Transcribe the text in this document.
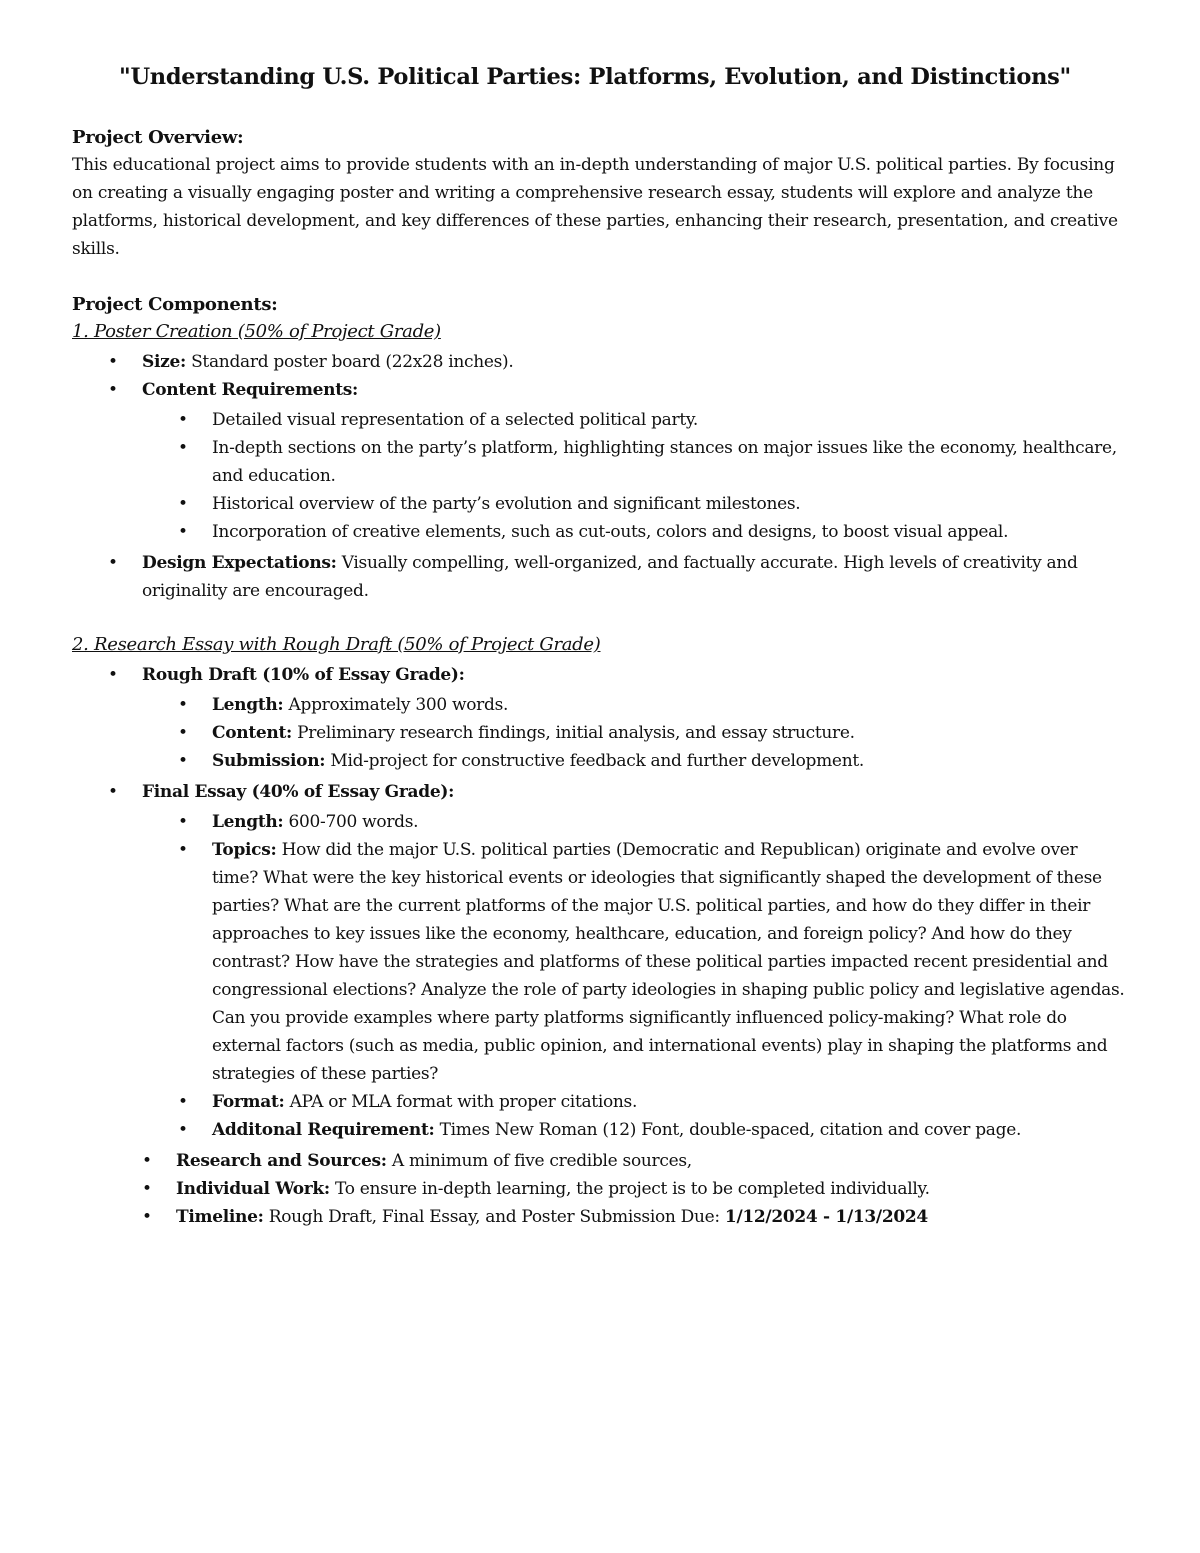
"Understanding U.S. Political Parties: Platforms, Evolution, and Distinctions"
Project Overview:

This educational project aims to provide students with an in-depth understanding of major U.S. political parties. By focusing on creating a visually engaging poster and writing a comprehensive research essay, students will explore and analyze the platforms, historical development, and key differences of these parties, enhancing their research, presentation, and creative skills.

Project Components:
1. Poster Creation (50% of Project Grade)
• Size: Standard poster board (22x28 inches).
• Content Requirements:
• Detailed visual representation of a selected political party.
• In-depth sections on the party’s platform, highlighting stances on major issues like the economy, healthcare, and education.
• Historical overview of the party’s evolution and significant milestones.
• Incorporation of creative elements, such as cut-outs, colors and designs, to boost visual appeal.
• Design Expectations: Visually compelling, well-organized, and factually accurate. High levels of creativity and originality are encouraged.
2. Research Essay with Rough Draft (50% of Project Grade)
• Rough Draft (10% of Essay Grade):
• Length: Approximately 300 words.
• Content: Preliminary research findings, initial analysis, and essay structure.
• Submission: Mid-project for constructive feedback and further development.
• Final Essay (40% of Essay Grade):
• Length: 600-700 words.
• Topics: How did the major U.S. political parties (Democratic and Republican) originate and evolve over time? What were the key historical events or ideologies that significantly shaped the development of these parties? What are the current platforms of the major U.S. political parties, and how do they differ in their approaches to key issues like the economy, healthcare, education, and foreign policy? And how do they contrast? How have the strategies and platforms of these political parties impacted recent presidential and congressional elections? Analyze the role of party ideologies in shaping public policy and legislative agendas. Can you provide examples where party platforms significantly influenced policy-making? What role do external factors (such as media, public opinion, and international events) play in shaping the platforms and strategies of these parties?
• Format: APA or MLA format with proper citations.
• Additonal Requirement: Times New Roman (12) Font, double-spaced, citation and cover page.
• Research and Sources: A minimum of five credible sources,
• Individual Work: To ensure in-depth learning, the project is to be completed individually.
• Timeline: Rough Draft, Final Essay, and Poster Submission Due: 1/12/2024 - 1/13/2024
